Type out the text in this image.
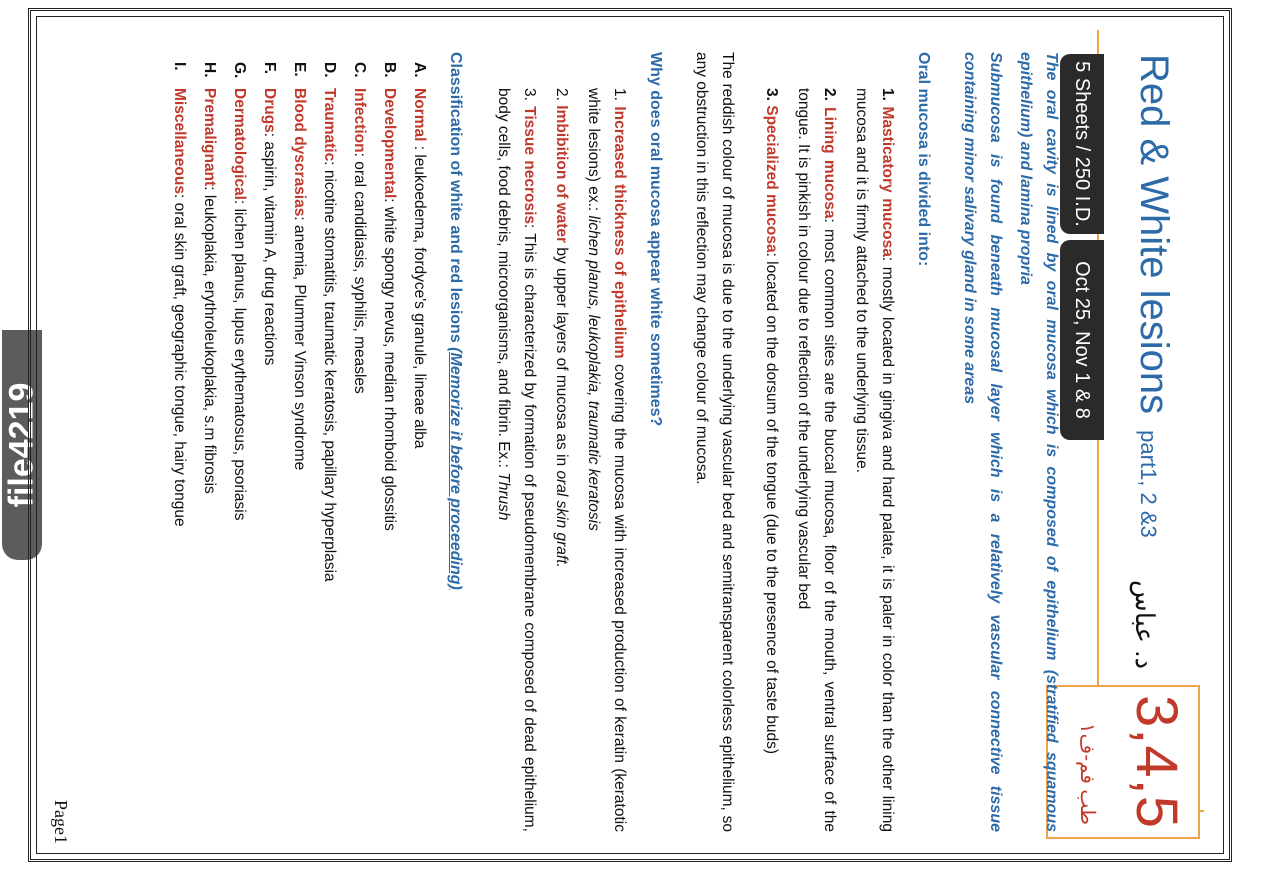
file4219
Red & White lesionspart1, 2 &3
د. عباس
3,4,5
طب فم-ف١
5 Sheets / 250 I.D.
Oct 25, Nov 1 & 8

The oral cavity is lined by oral mucosa which is composed of epithelium (stratified squamous epithelium) and lamina propria

Submucosa is found beneath mucosal layer which is a relatively vascular connective tissue containing minor salivary gland in some areas

Oral mucosa is divided into:
1. Masticatory mucosa: mostly located in gingiva and hard palate, it is paler in color than the other lining mucosa and it is firmly attached to the underlying tissue.
2. Lining mucosa: most common sites are the buccal mucosa, floor of the mouth, ventral surface of the tongue. It is pinkish in colour due to reflection of the underlying vascular bed
3. Specialized mucosa: located on the dorsum of the tongue (due to the presence of taste buds)

The reddish colour of mucosa is due to the underlying vascular bed and semitransparent colorless epithelium, so any obstruction in this reflection may change colour of mucosa.

Why does oral mucosa appear white sometimes?
1. Increased thickness of epithelium covering the mucosa with increased production of keratin (keratotic white lesions) ex.: lichen planus, leukoplakia, traumatic keratosis
2. Imbibition of water by upper layers of mucosa as in oral skin graft.
3. Tissue necrosis: This is characterized by formation of pseudomembrane composed of dead epithelium, body cells, food debris, microorganisms, and fibrin. Ex.: Thrush
Classification of white and red lesions (Memorize it before proceeding)
A.Normal : leukoedema, fordyce's granule, lineae alba
B.Developmental: white spongy nevus, median rhomboid glossitis
C.Infection: oral candidiasis, syphilis, measles
D.Traumatic: nicotine stomatitis, traumatic keratosis, papillary hyperplasia
E.Blood dyscrasias: anemia, Plummer Vinson syndrome
F.Drugs: aspirin, vitamin A, drug reactions
G.Dermatological: lichen planus, lupus erythematosus, psoriasis
H.Premalignant: leukoplakia, erythroleukoplakia, s.m fibrosis
I.Miscellaneous: oral skin graft, geographic tongue, hairy tongue
Page1
